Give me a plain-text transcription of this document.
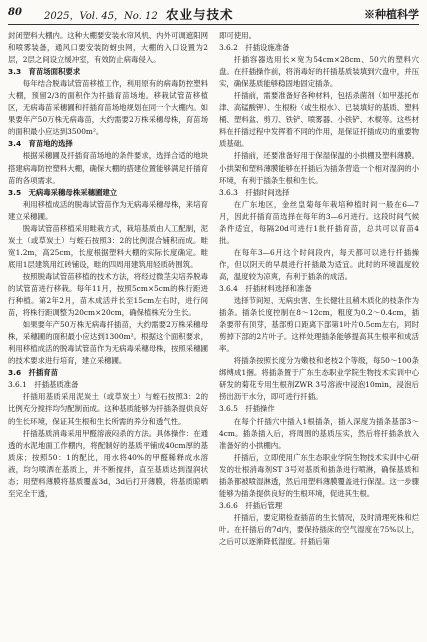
80 2025，Vol. 45，No. 12 农业与技术	※种植科学

封闭塑料大棚内。这种大棚要安装水帘风机、内外可调遮阳网和喷雾装备，通风口要安装防蚜虫网，大棚的入口设置为2层，2层之间设立缓冲室，有效防止病毒侵入。

3.3　育苗场面积要求

每年结合脱毒试管苗移植工作，利用原有的病毒防控塑料大棚，预留2/3的面积作为扦插育苗场地。移栽试管苗移植区，无病毒苗采穗圃和扦插育苗场地规划在同一个大棚内。如果要年产50万株无病毒苗，大约需要2万株采穗母株，育苗场的面积最小应达到3500m²。

3.4　育苗地的选择

根据采穗圃及扦插育苗场地的条件要求，选择合适的地块搭建病毒防控塑料大棚，确保大棚的搭建位置能够满足扦插育苗的各项需求。

3.5　无病毒采穗母株采穗圃建立

利用移植成活的脱毒试管苗作为无病毒采穗母株，来培育建立采穗圃。

脱毒试管苗移植采用畦栽方式，栽培基质由人工配制，泥炭土（或草炭土）与蛭石按照3：2的比例混合铺积而成。畦宽1.2m，高25cm，长度根据塑料大棚的实际长度确定。畦底用1层建筑用红砖铺设，畦的四周用建筑用轻质砖围筑。

按照脱毒试管苗移植的技术方法，将经过微茎尖培养脱毒的试管苗进行移栽。每年11月，按照5cm×5cm的株行距进行种植。第2年2月，苗木成活并长至15cm左右时，进行间苗，将株行距调整为20cm×20cm，确保植株充分生长。

如果要年产50万株无病毒扦插苗，大约需要2万株采穗母株，采穗圃的面积最小应达到1300m²。根据这个面积要求，利用移植成活的脱毒试管苗作为无病毒采穗母株，按照采穗圃的技术要求进行培育，建立采穗圃。

3.6　扦插育苗

3.6.1　扦插基质准备

扦插用基质采用泥炭土（或草炭土）与蛭石按照3：2的比例充分搅拌均匀配制而成。这种基质能够为扦插条提供良好的生长环境，保证其生根和生长所需的养分和透气性。

扦插基质消毒采用甲醛溶液闷杀的方法。具体操作：在通透的水泥地面工作棚内，将配制好的基质平铺成40cm厚的基质床；按照50：1的配比，用水将40%的甲醛稀释成水溶液，均匀喷洒在基质上，并不断搅拌，直至基质达到湿润状态；用塑料薄膜将基质覆盖3d，3d后打开薄膜，将基质晾晒至完全干透，

即可使用。

3.6.2　扦插设施准备

扦插容器选用长×宽为54cm×28cm、50穴的塑料穴盘。在扦插操作前，将消毒好的扦插基质装填到穴盘中，并压实，确保基质能够稳固地固定插条。

扦插前，需要准备好各种材料，包括杀菌剂（如甲基托布津、高锰酸钾）、生根粉（或生根水）、已装填好的基质、塑料桶、塑料盆、剪刀、铁铲、喷雾器、小铁铲、木棍等。这些材料在扦插过程中发挥着不同的作用，是保证扦插成功的重要物质基础。

扦插前，还要准备好用于保湿保温的小拱棚及塑料薄膜。小拱架和塑料薄膜能够在扦插后为插条营造一个相对湿润的小环境，有利于插条生根和生长。

3.6.3　扦插时间选择

在广东地区，金丝皇菊每年栽培种植时间一般在6—7月，因此扦插育苗选择在每年的3—6月进行。这段时间气候条件适宜，每隔20d可进行1批扦插育苗，总共可以育苗4批。

在每年3—6月这个时间段内，每天都可以进行扦插操作，但以阴天的早晨进行扦插最为适宜。此时的环境温度较高，温度较为凉爽，有利于插条的成活。

3.6.4　扦插材料选择和准备

选择节间短、无病虫害、生长健壮且稍木质化的枝条作为插条。插条长度控制在8～12cm，粗度为0.2～0.4cm，插条要带有顶芽，基部剪口距离下部第1叶片0.5cm左右，同时剪掉下部的2片叶子。这样处理插条能够提高其生根率和成活率。

将插条按照长度分为嫩枝和老枝2个等级，每50～100条绑缚成1捆。将插条置于广东生态职业学院生物技术实训中心研发的菊花专用生根剂ZWR 3号溶液中浸泡10min，浸泡后捞出沥干水分，即可进行扦插。

3.6.5　扦插操作

在每个扦插穴中插入1根插条，插入深度为插条基部3～4cm。插条插入后，将周围的基质压实，然后将扦插条放入准备好的小拱棚内。

扦插后，立即使用广东生态职业学院生物技术实训中心研发的壮根消毒剂ST 3号对基质和插条进行喷淋，确保基质和插条都被喷湿淋透，然后用塑料薄膜覆盖进行保湿。这一步骤能够为插条提供良好的生根环境，促进其生根。

3.6.6　扦插后管理

扦插后，要定期检查插苗的生长情况，及时清理死株和烂叶。在扦插后的7d内，要保持插床的空气湿度在75%以上，之后可以逐渐降低湿度。扦插后第
